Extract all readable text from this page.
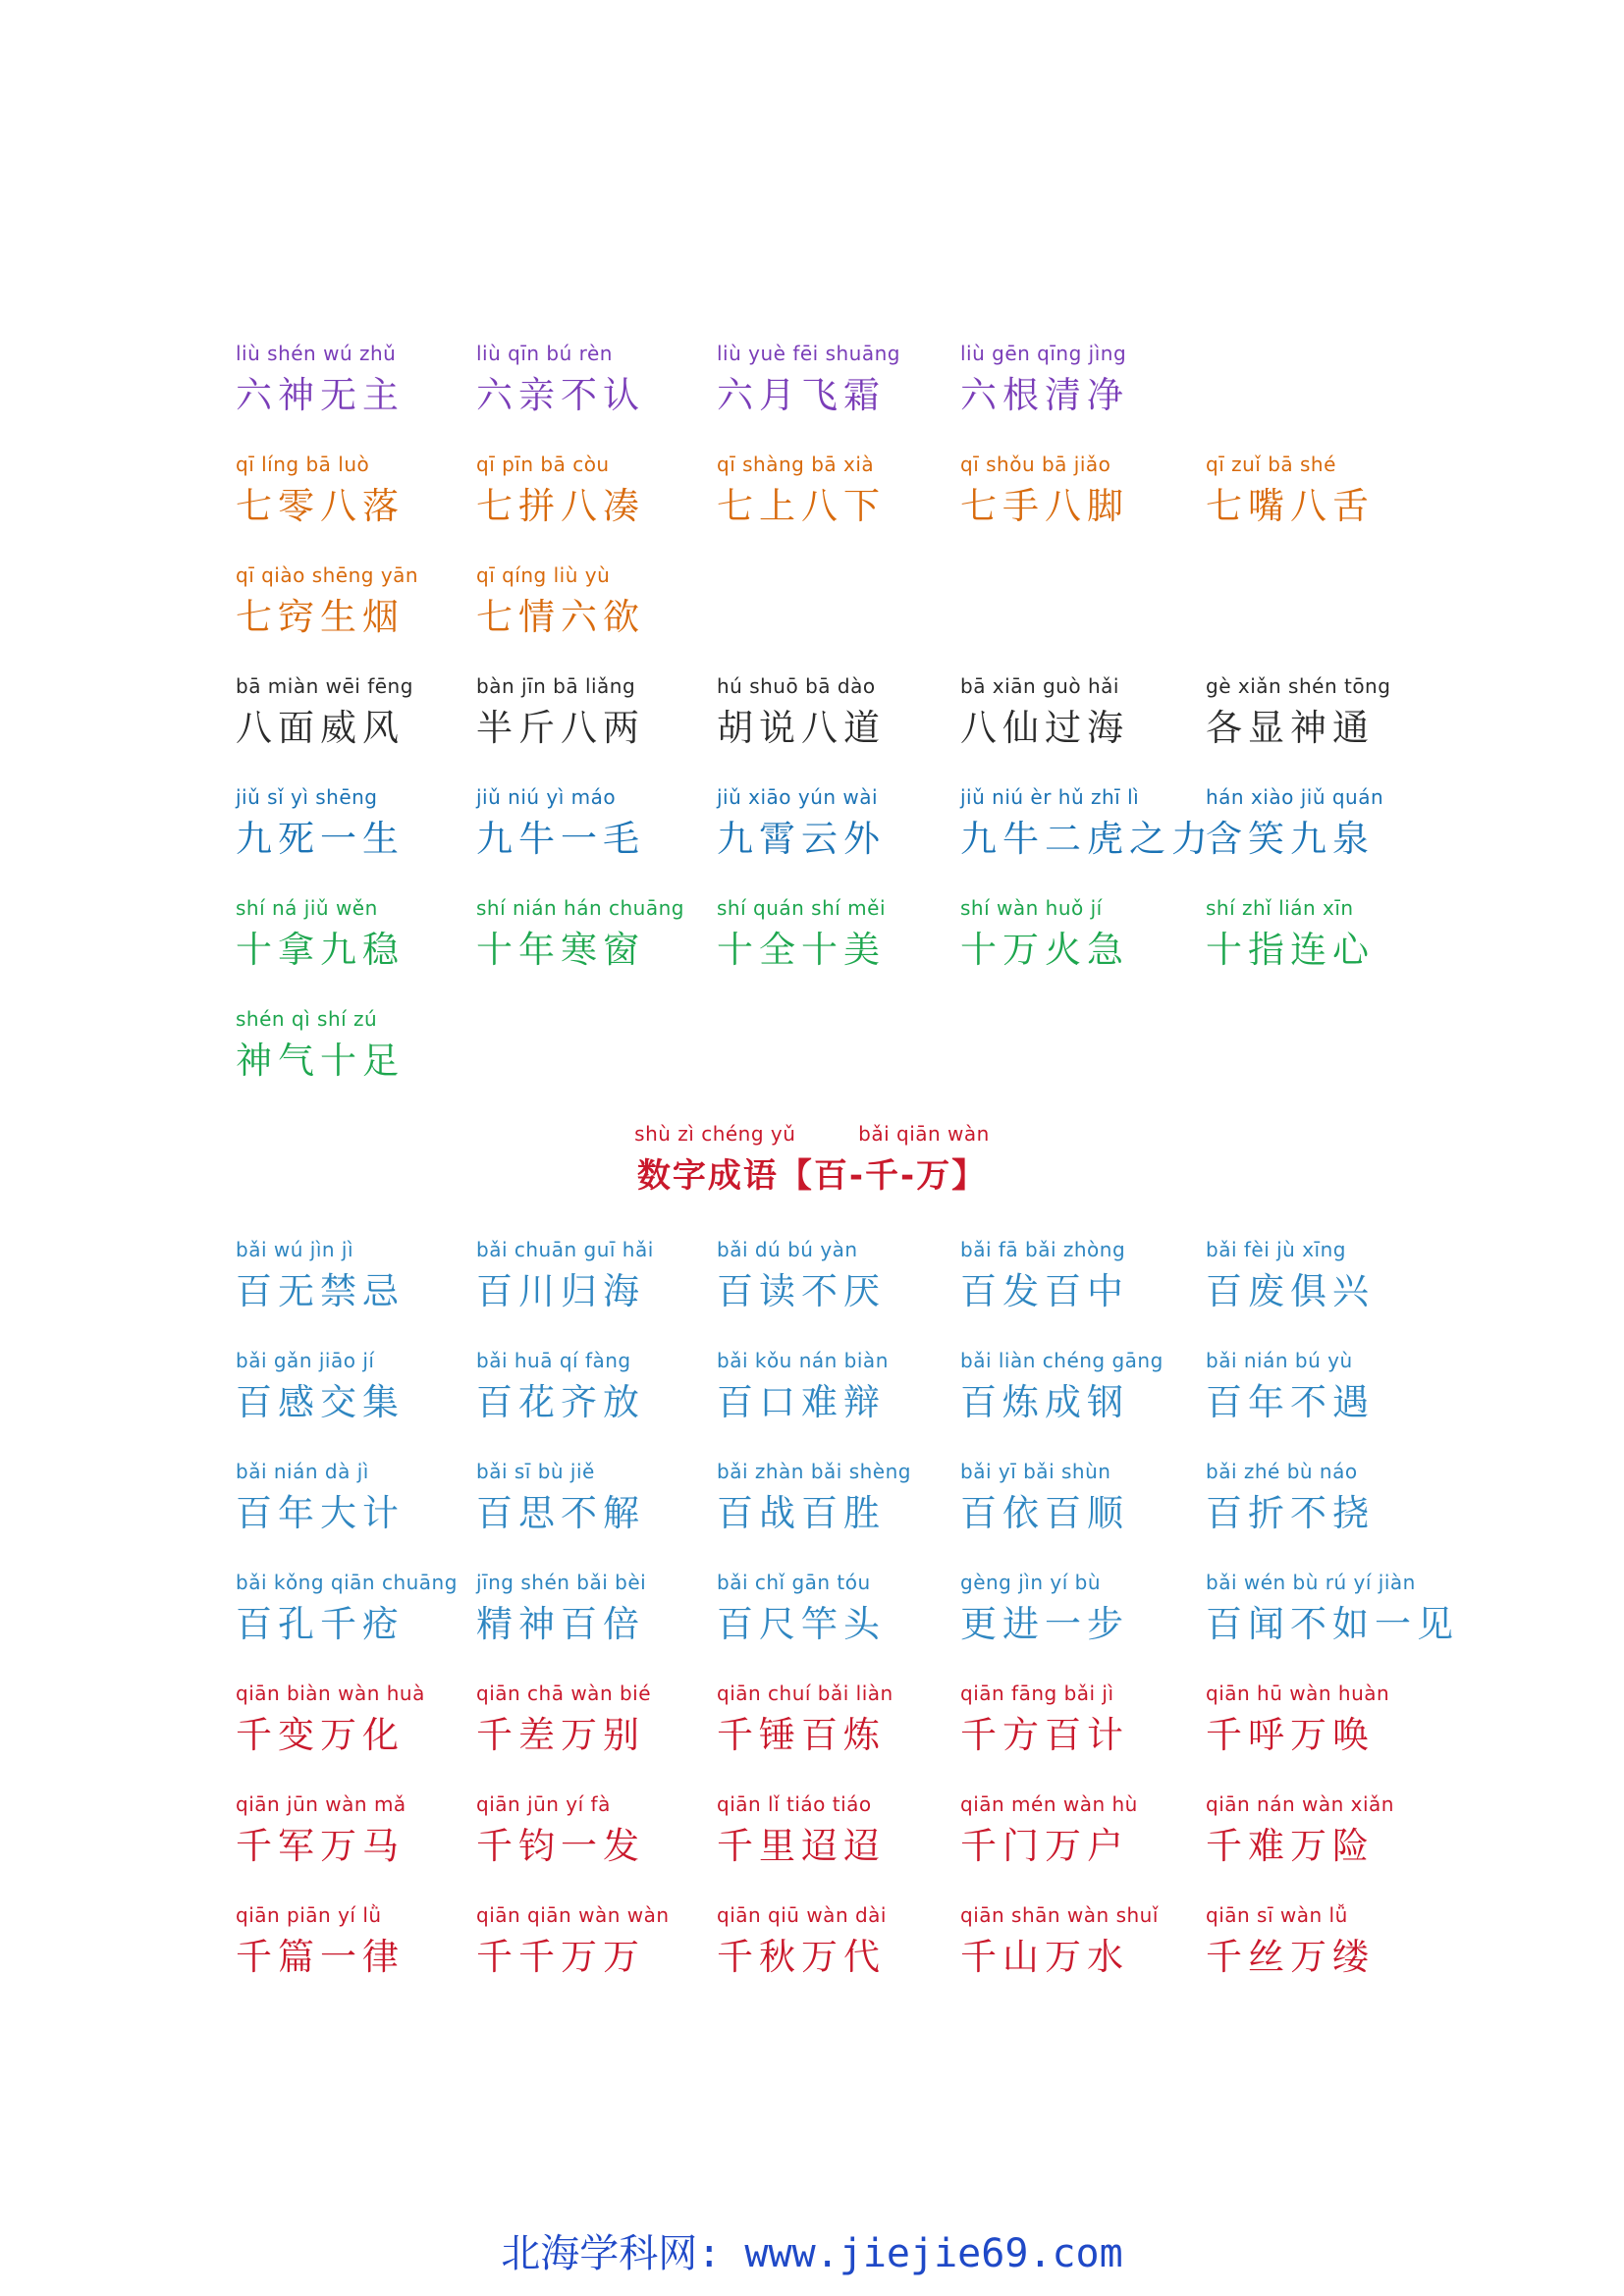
liù shén wú zhǔ
六神无主
liù qīn bú rèn
六亲不认
liù yuè fēi shuāng
六月飞霜
liù gēn qīng jìng
六根清净
qī líng bā luò
七零八落
qī pīn bā còu
七拼八凑
qī shàng bā xià
七上八下
qī shǒu bā jiǎo
七手八脚
qī zuǐ bā shé
七嘴八舌
qī qiào shēng yān
七窍生烟
qī qíng liù yù
七情六欲
bā miàn wēi fēng
八面威风
bàn jīn bā liǎng
半斤八两
hú shuō bā dào
胡说八道
bā xiān guò hǎi
八仙过海
gè xiǎn shén tōng
各显神通
jiǔ sǐ yì shēng
九死一生
jiǔ niú yì máo
九牛一毛
jiǔ xiāo yún wài
九霄云外
jiǔ niú èr hǔ zhī lì
九牛二虎之力
hán xiào jiǔ quán
含笑九泉
shí ná jiǔ wěn
十拿九稳
shí nián hán chuāng
十年寒窗
shí quán shí měi
十全十美
shí wàn huǒ jí
十万火急
shí zhǐ lián xīn
十指连心
shén qì shí zú
神气十足
shù zì chéng yǔ	bǎi qiān wàn
数字成语【百-千-万】
bǎi wú jìn jì
百无禁忌
bǎi chuān guī hǎi
百川归海
bǎi dú bú yàn
百读不厌
bǎi fā bǎi zhòng
百发百中
bǎi fèi jù xīng
百废俱兴
bǎi gǎn jiāo jí
百感交集
bǎi huā qí fàng
百花齐放
bǎi kǒu nán biàn
百口难辩
bǎi liàn chéng gāng
百炼成钢
bǎi nián bú yù
百年不遇
bǎi nián dà jì
百年大计
bǎi sī bù jiě
百思不解
bǎi zhàn bǎi shèng
百战百胜
bǎi yī bǎi shùn
百依百顺
bǎi zhé bù náo
百折不挠
bǎi kǒng qiān chuāng
百孔千疮
jīng shén bǎi bèi
精神百倍
bǎi chǐ gān tóu
百尺竿头
gèng jìn yí bù
更进一步
bǎi wén bù rú yí jiàn
百闻不如一见
qiān biàn wàn huà
千变万化
qiān chā wàn bié
千差万别
qiān chuí bǎi liàn
千锤百炼
qiān fāng bǎi jì
千方百计
qiān hū wàn huàn
千呼万唤
qiān jūn wàn mǎ
千军万马
qiān jūn yí fà
千钧一发
qiān lǐ tiáo tiáo
千里迢迢
qiān mén wàn hù
千门万户
qiān nán wàn xiǎn
千难万险
qiān piān yí lǜ
千篇一律
qiān qiān wàn wàn
千千万万
qiān qiū wàn dài
千秋万代
qiān shān wàn shuǐ
千山万水
qiān sī wàn lǚ
千丝万缕
北海学科网: www.jiejie69.com
